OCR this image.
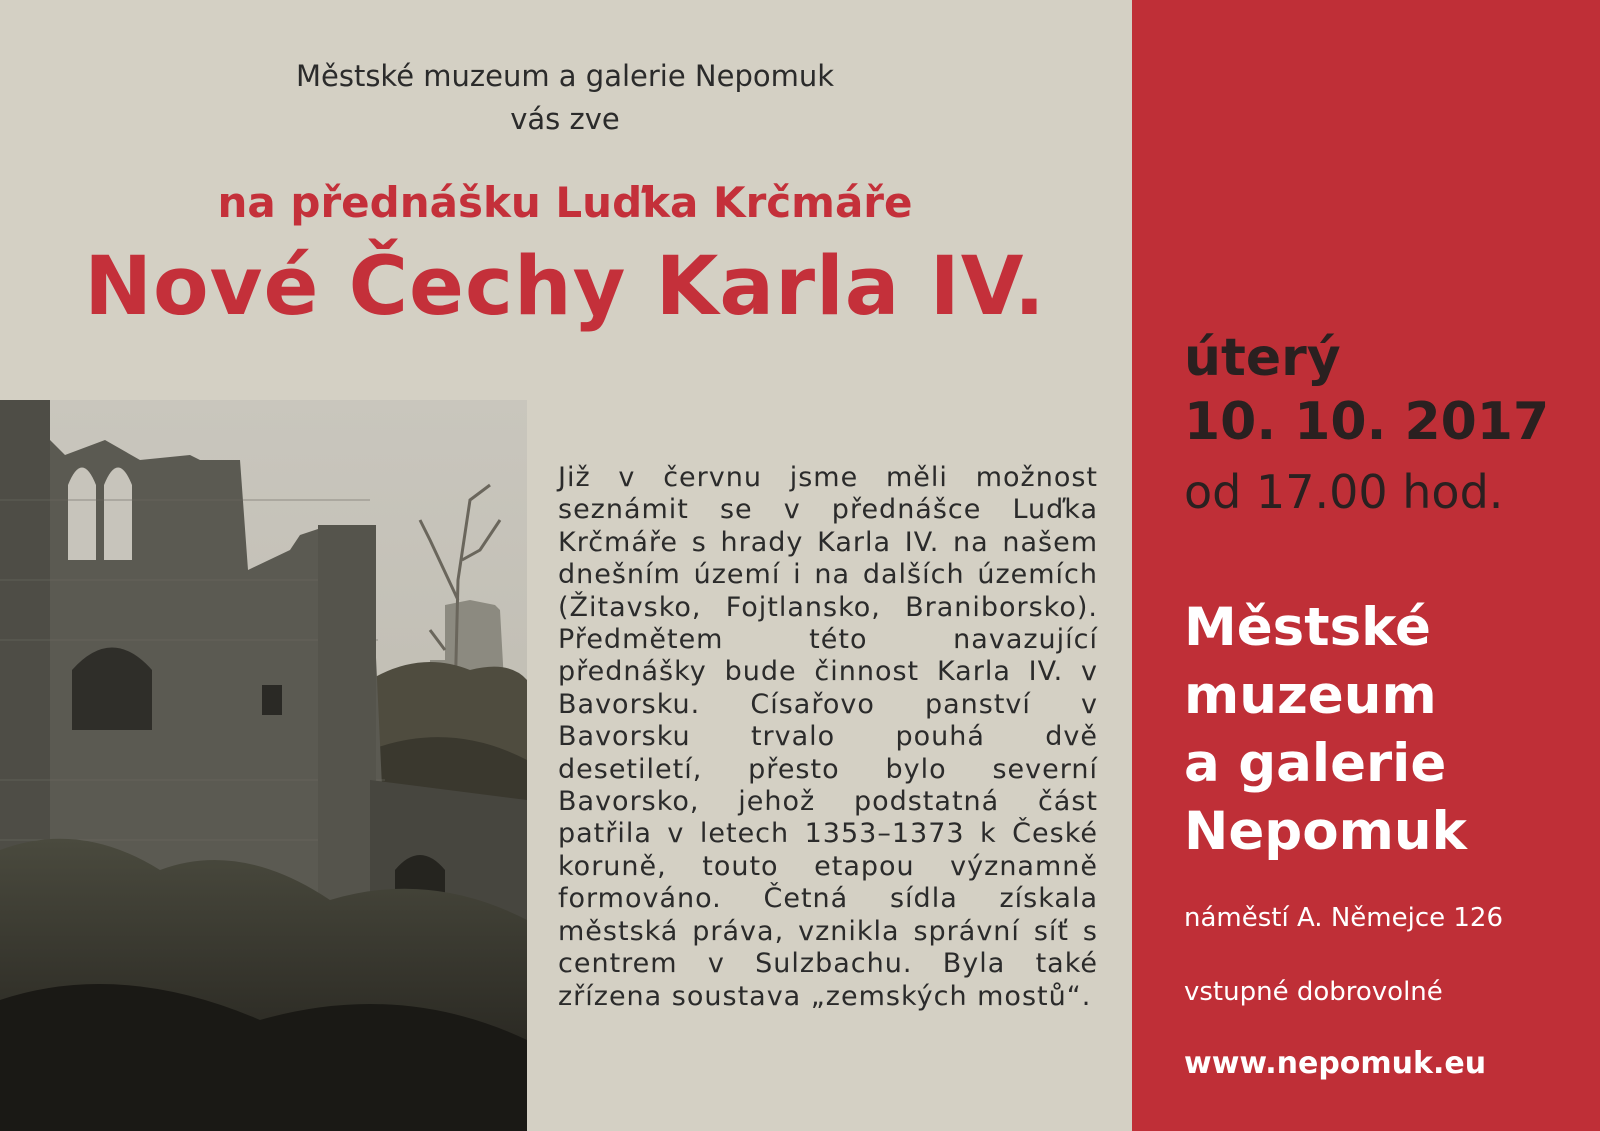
Městské muzeum a galerie Nepomuk
vás zve
na přednášku Luďka Krčmáře
Nové Čechy Karla IV.
Již v červnu jsme měli možnost seznámit se v přednášce Luďka Krčmáře s hrady Karla IV. na našem dnešním území i na dalších územích (Žitavsko, Fojtlansko, Braniborsko). Předmětem této navazující přednášky bude činnost Karla IV. v Bavorsku. Císařovo panství v Bavorsku trvalo pouhá dvě desetiletí, přesto bylo severní Bavorsko, jehož podstatná část patřila v letech 1353–1373 k České koruně, touto etapou významně formováno. Četná sídla získala městská práva, vznikla správní síť s centrem v Sulzbachu. Byla také zřízena soustava „zemských mostů“.
úterý
10. 10. 2017
od 17.00 hod.
Městské
muzeum
a galerie
Nepomuk
náměstí A. Němejce 126
vstupné dobrovolné
www.nepomuk.eu
